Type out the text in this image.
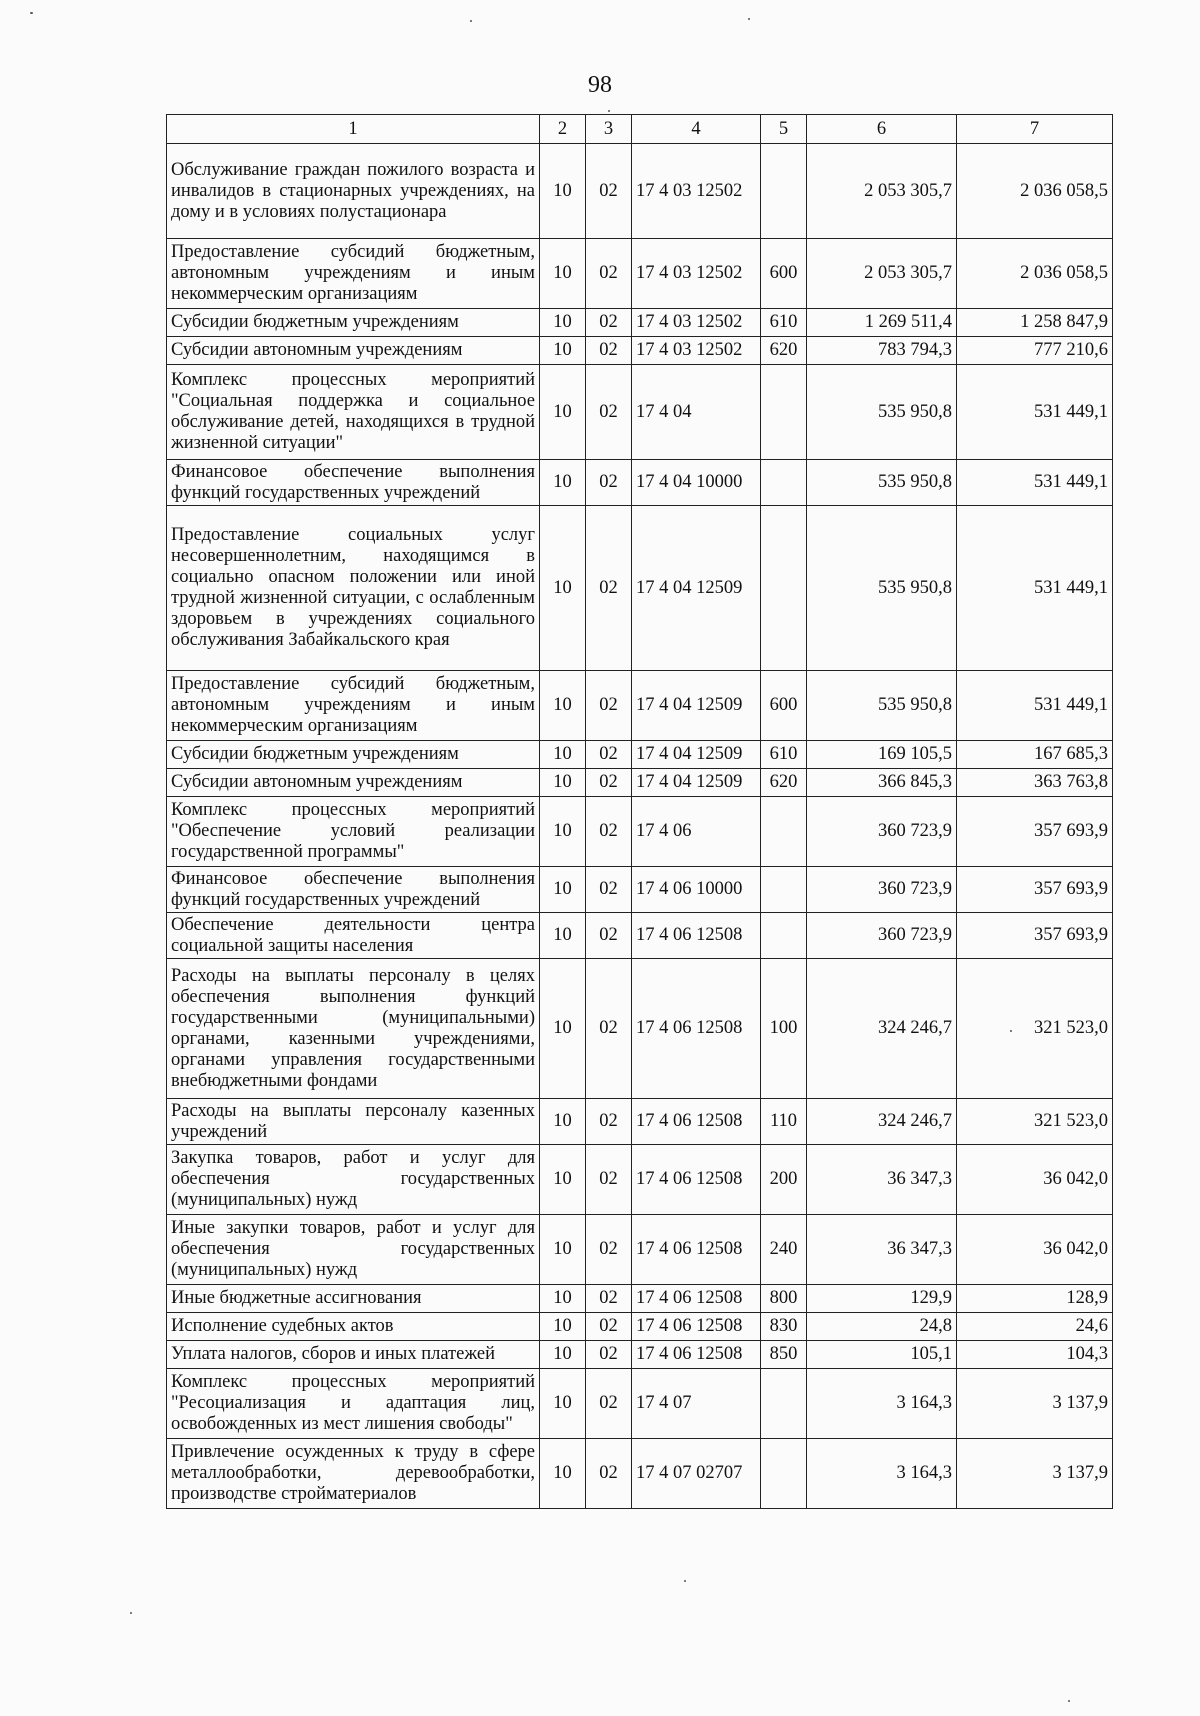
98
1	2	3	4	5	6	7
Обслуживание граждан пожилого возраста и инвалидов в стационарных учреждениях, на дому и в условиях полустационара	10	02	17 4 03 12502		2 053 305,7	2 036 058,5
Предоставление субсидий бюджетным, автономным учреждениям и иным некоммерческим организациям	10	02	17 4 03 12502	600	2 053 305,7	2 036 058,5
Субсидии бюджетным учреждениям	10	02	17 4 03 12502	610	1 269 511,4	1 258 847,9
Субсидии автономным учреждениям	10	02	17 4 03 12502	620	783 794,3	777 210,6
Комплекс процессных мероприятий "Социальная поддержка и социальное обслуживание детей, находящихся в трудной жизненной ситуации"	10	02	17 4 04		535 950,8	531 449,1
Финансовое обеспечение выполнения функций государственных учреждений	10	02	17 4 04 10000		535 950,8	531 449,1
Предоставление социальных услуг несовершеннолетним, находящимся в социально опасном положении или иной трудной жизненной ситуации, с ослабленным здоровьем в учреждениях социального обслуживания Забайкальского края	10	02	17 4 04 12509		535 950,8	531 449,1
Предоставление субсидий бюджетным, автономным учреждениям и иным некоммерческим организациям	10	02	17 4 04 12509	600	535 950,8	531 449,1
Субсидии бюджетным учреждениям	10	02	17 4 04 12509	610	169 105,5	167 685,3
Субсидии автономным учреждениям	10	02	17 4 04 12509	620	366 845,3	363 763,8
Комплекс процессных мероприятий "Обеспечение условий реализации государственной программы"	10	02	17 4 06		360 723,9	357 693,9
Финансовое обеспечение выполнения функций государственных учреждений	10	02	17 4 06 10000		360 723,9	357 693,9
Обеспечение деятельности центра социальной защиты населения	10	02	17 4 06 12508		360 723,9	357 693,9
Расходы на выплаты персоналу в целях обеспечения выполнения функций государственными (муниципальными) органами, казенными учреждениями, органами управления государственными внебюджетными фондами	10	02	17 4 06 12508	100	324 246,7	321 523,0
Расходы на выплаты персоналу казенных учреждений	10	02	17 4 06 12508	110	324 246,7	321 523,0
Закупка товаров, работ и услуг для обеспечения государственных (муниципальных) нужд	10	02	17 4 06 12508	200	36 347,3	36 042,0
Иные закупки товаров, работ и услуг для обеспечения государственных (муниципальных) нужд	10	02	17 4 06 12508	240	36 347,3	36 042,0
Иные бюджетные ассигнования	10	02	17 4 06 12508	800	129,9	128,9
Исполнение судебных актов	10	02	17 4 06 12508	830	24,8	24,6
Уплата налогов, сборов и иных платежей	10	02	17 4 06 12508	850	105,1	104,3
Комплекс процессных мероприятий "Ресоциализация и адаптация лиц, освобожденных из мест лишения свободы"	10	02	17 4 07		3 164,3	3 137,9
Привлечение осужденных к труду в сфере металлообработки, деревообработки, производстве стройматериалов	10	02	17 4 07 02707		3 164,3	3 137,9
